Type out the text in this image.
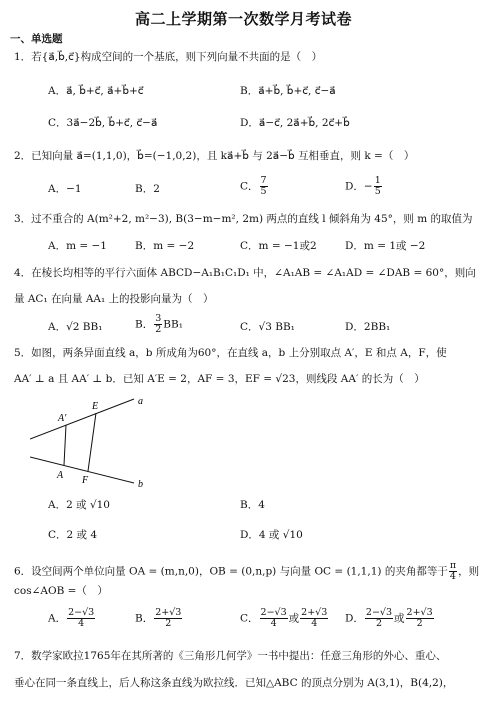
高二上学期第一次数学月考试卷
一、单选题
1．若{a⃗,b⃗,c⃗}构成空间的一个基底，则下列向量不共面的是（　）
A．a⃗, b⃗+c⃗, a⃗+b⃗+c⃗	B．a⃗+b⃗, b⃗+c⃗, c⃗−a⃗
C．3a⃗−2b⃗, b⃗+c⃗, c⃗−a⃗	D．a⃗−c⃗, 2a⃗+b⃗, 2c⃗+b⃗
2．已知向量 a⃗=(1,1,0)，b⃗=(−1,0,2)，且 ka⃗+b⃗ 与 2a⃗−b⃗ 互相垂直，则 k =（　）
A．−1	B．2	C． $\frac{7}{5}$	D．− $\frac{1}{5}$
3．过不重合的 A(m²+2, m²−3), B(3−m−m², 2m) 两点的直线 l 倾斜角为 45°，则 m 的取值为
A．m = −1	B．m = −2	C．m = −1或2	D．m = 1或 −2
4．在棱长均相等的平行六面体 ABCD−A₁B₁C₁D₁ 中，∠A₁AB = ∠A₁AD = ∠DAB = 60°，则向
量 AC₁ 在向量 AA₁ 上的投影向量为（　）
A．√2 BB₁	B． $\frac{3}{2} BB_1$	C．√3 BB₁	D．2BB₁
5．如图，两条异面直线 a，b 所成角为60°，在直线 a，b 上分别取点 A′，E 和点 A，F，使
AA′ ⊥ a 且 AA′ ⊥ b．已知 A′E = 2，AF = 3，EF = √23，则线段 AA′ 的长为（　）
a
b
A′
E
A F
A．2 或 √10	B．4
C．2 或 4	D．4 或 √10
6．设空间两个单位向量 OA = (m,n,0)，OB = (0,n,p) 与向量 OC = (1,1,1) 的夹角都等于 $\frac{\pi}{4}$ ，则
cos∠AOB =（　）
A． $\frac{2-√3}{4}$	B． $\frac{2+√3}{2}$	C． $\frac{2-√3}{4}$ 或 $\frac{2+√3}{4}$ D． $\frac{2-√3}{2}$ 或 $\frac{2+√3}{2}$
7．数学家欧拉1765年在其所著的《三角形几何学》一书中提出：任意三角形的外心、重心、
垂心在同一条直线上，后人称这条直线为欧拉线．已知△ABC 的顶点分别为 A(3,1)，B(4,2)，
